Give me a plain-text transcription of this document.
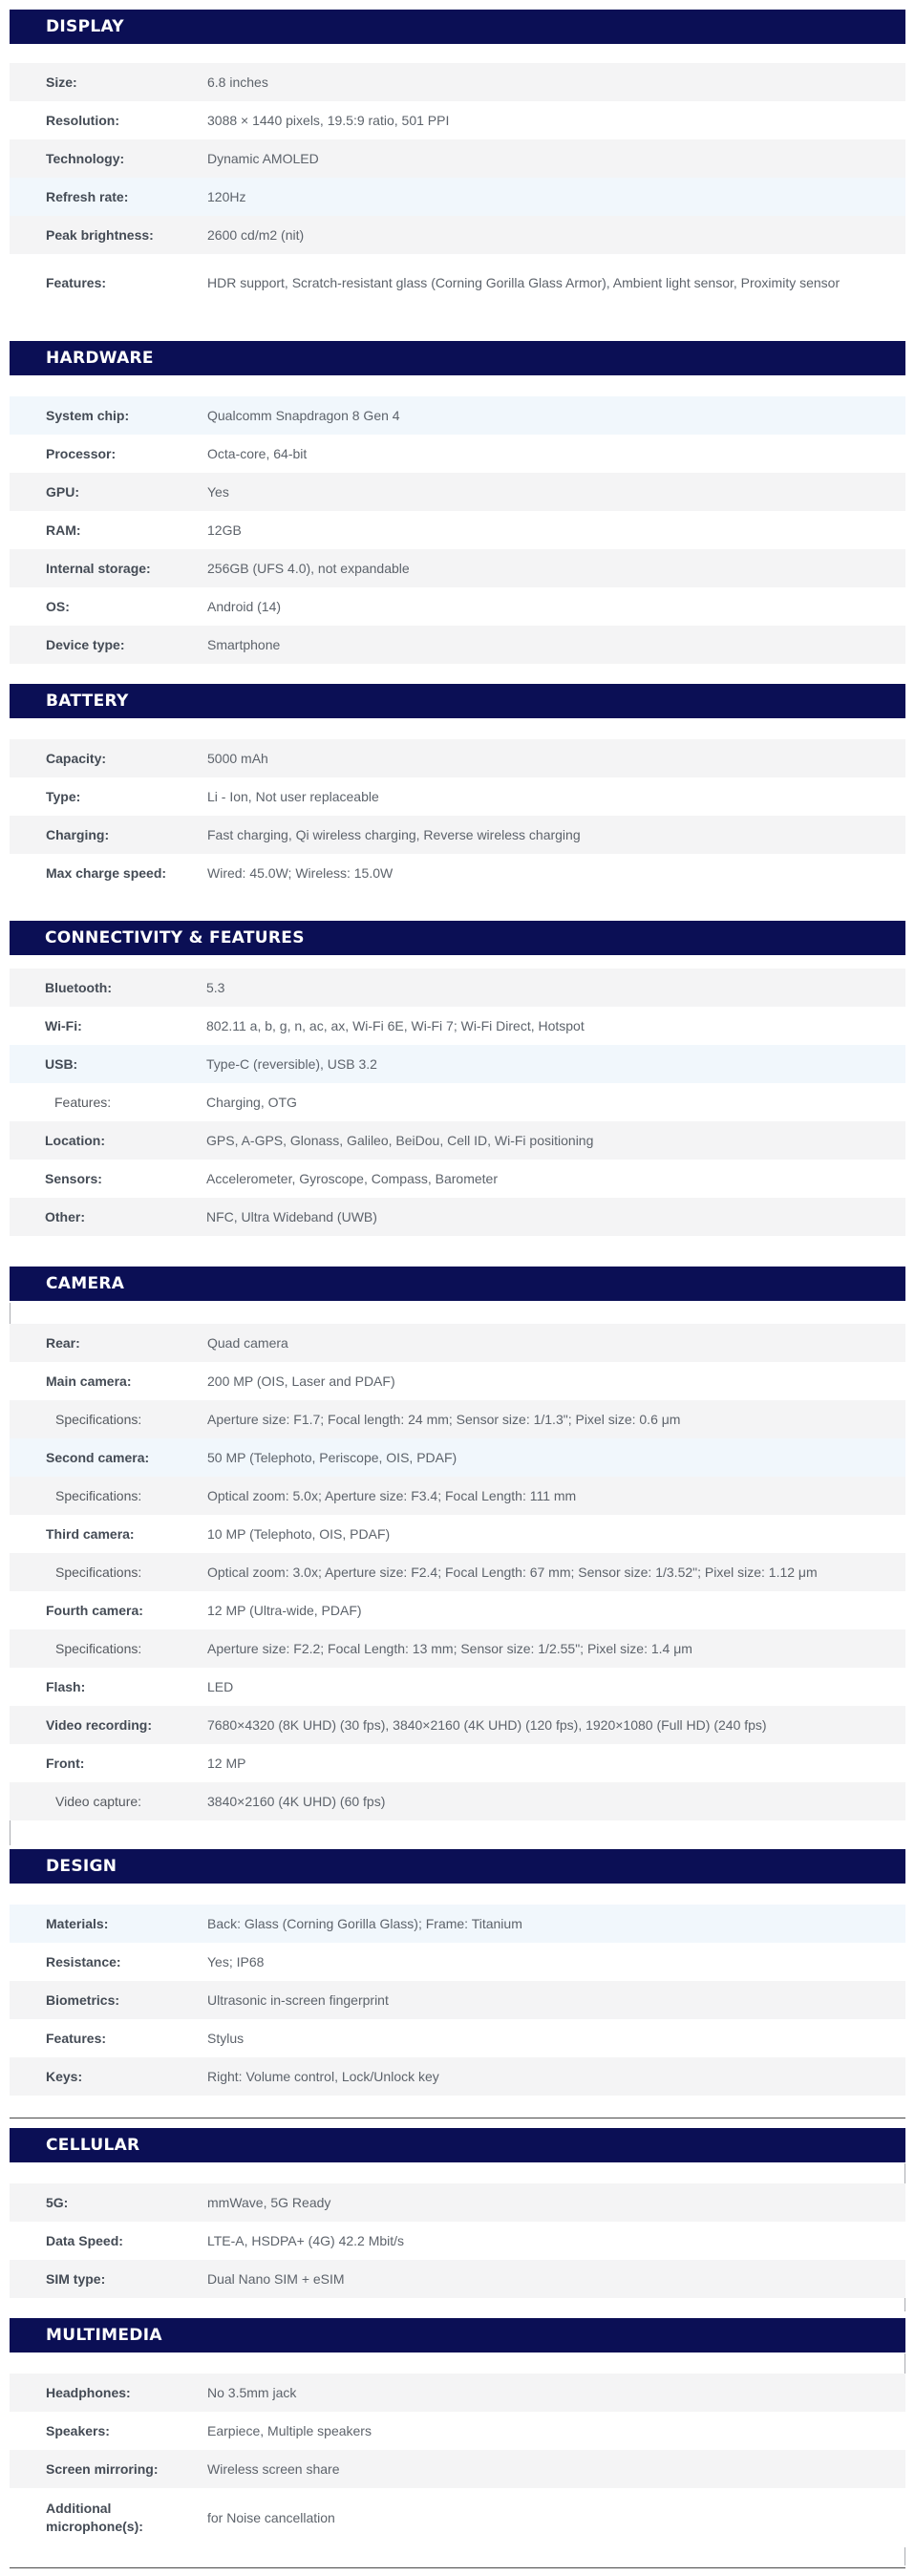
DISPLAY
Size:	6.8 inches
Resolution:	3088 × 1440 pixels, 19.5:9 ratio, 501 PPI
Technology:	Dynamic AMOLED
Refresh rate:	120Hz
Peak brightness:	2600 cd/m2 (nit)
Features:	HDR support, Scratch-resistant glass (Corning Gorilla Glass Armor), Ambient light sensor, Proximity sensor
HARDWARE
System chip:	Qualcomm Snapdragon 8 Gen 4
Processor:	Octa-core, 64-bit
GPU:	Yes
RAM:	12GB
Internal storage:	256GB (UFS 4.0), not expandable
OS:	Android (14)
Device type:	Smartphone
BATTERY
Capacity:	5000 mAh
Type:	Li - Ion, Not user replaceable
Charging:	Fast charging, Qi wireless charging, Reverse wireless charging
Max charge speed:	Wired: 45.0W; Wireless: 15.0W
CONNECTIVITY & FEATURES
Bluetooth:	5.3
Wi-Fi:	802.11 a, b, g, n, ac, ax, Wi-Fi 6E, Wi-Fi 7; Wi-Fi Direct, Hotspot
USB:	Type-C (reversible), USB 3.2
Features:	Charging, OTG
Location:	GPS, A-GPS, Glonass, Galileo, BeiDou, Cell ID, Wi-Fi positioning
Sensors:	Accelerometer, Gyroscope, Compass, Barometer
Other:	NFC, Ultra Wideband (UWB)
CAMERA
Rear:	Quad camera
Main camera:	200 MP (OIS, Laser and PDAF)
Specifications:	Aperture size: F1.7; Focal length: 24 mm; Sensor size: 1/1.3"; Pixel size: 0.6 μm
Second camera:	50 MP (Telephoto, Periscope, OIS, PDAF)
Specifications:	Optical zoom: 5.0x; Aperture size: F3.4; Focal Length: 111 mm
Third camera:	10 MP (Telephoto, OIS, PDAF)
Specifications:	Optical zoom: 3.0x; Aperture size: F2.4; Focal Length: 67 mm; Sensor size: 1/3.52"; Pixel size: 1.12 μm
Fourth camera:	12 MP (Ultra-wide, PDAF)
Specifications:	Aperture size: F2.2; Focal Length: 13 mm; Sensor size: 1/2.55"; Pixel size: 1.4 μm
Flash:	LED
Video recording:	7680×4320 (8K UHD) (30 fps), 3840×2160 (4K UHD) (120 fps), 1920×1080 (Full HD) (240 fps)
Front:	12 MP
Video capture:	3840×2160 (4K UHD) (60 fps)
DESIGN
Materials:	Back: Glass (Corning Gorilla Glass); Frame: Titanium
Resistance:	Yes; IP68
Biometrics:	Ultrasonic in-screen fingerprint
Features:	Stylus
Keys:	Right: Volume control, Lock/Unlock key
CELLULAR
5G:	mmWave, 5G Ready
Data Speed:	LTE-A, HSDPA+ (4G) 42.2 Mbit/s
SIM type:	Dual Nano SIM + eSIM
MULTIMEDIA
Headphones:	No 3.5mm jack
Speakers:	Earpiece, Multiple speakers
Screen mirroring:	Wireless screen share
Additional microphone(s):
for Noise cancellation
